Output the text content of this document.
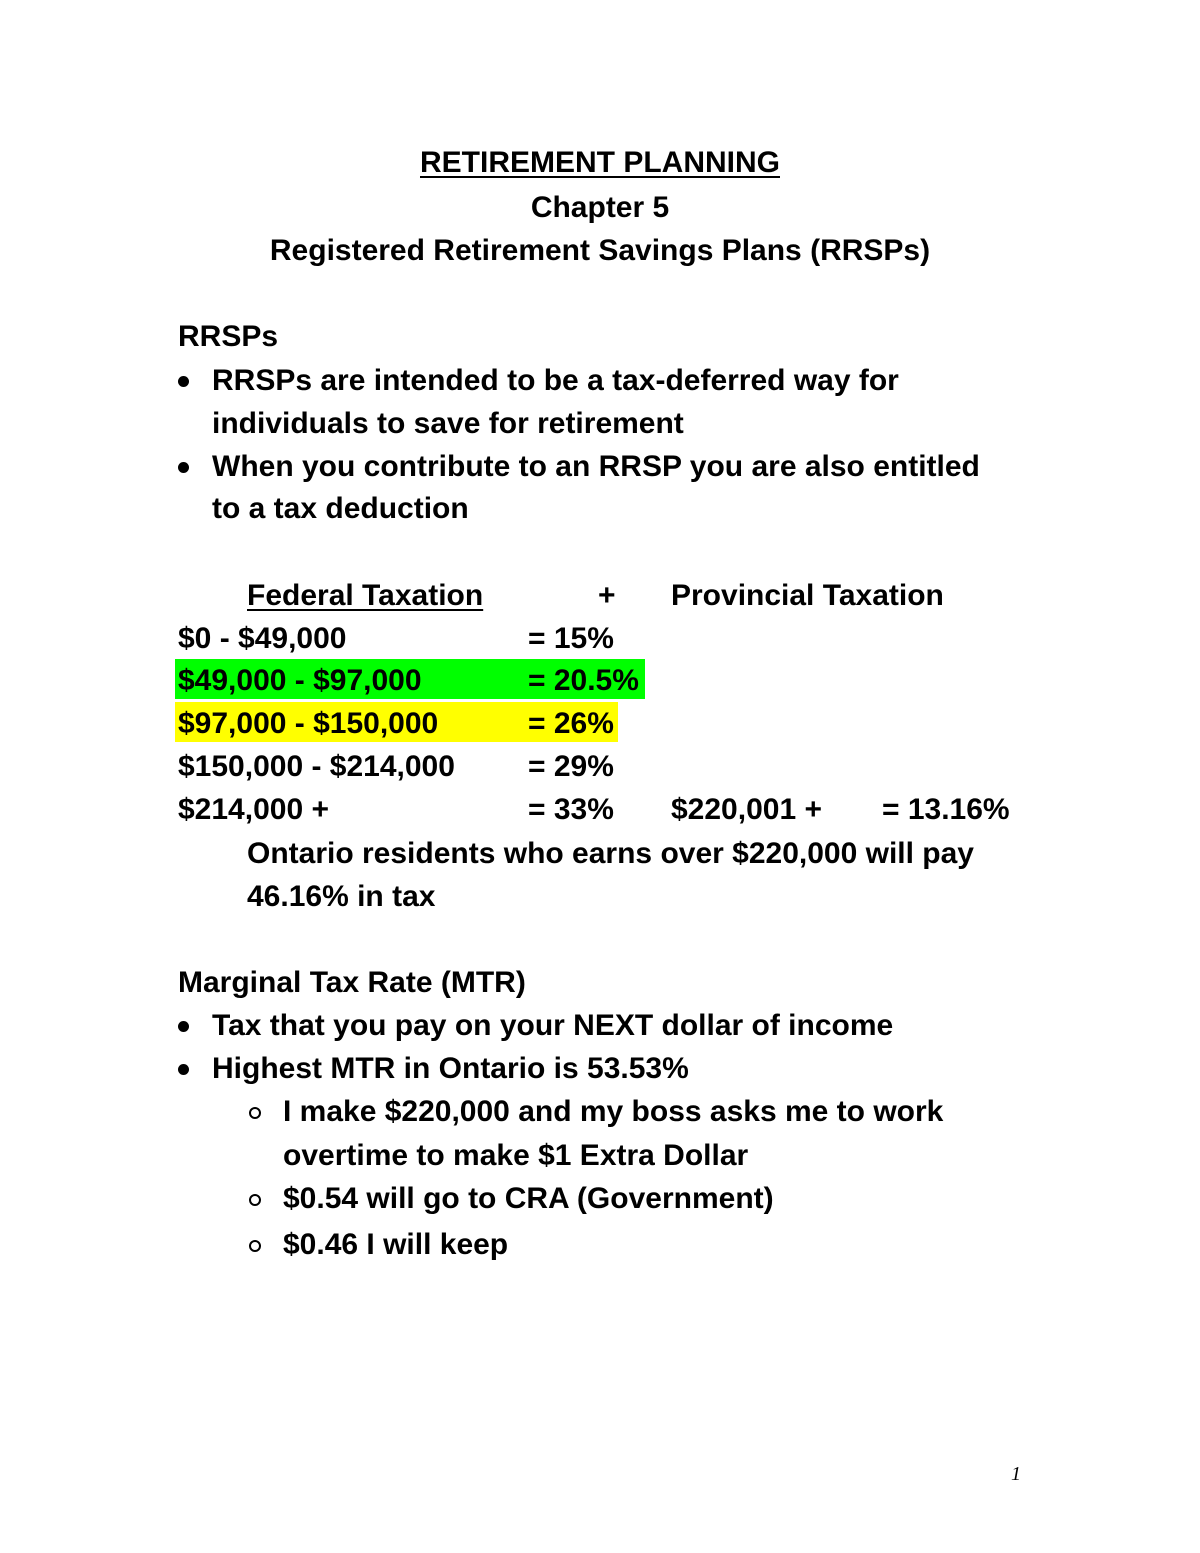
RETIREMENT PLANNING
Chapter 5
Registered Retirement Savings Plans (RRSPs)
RRSPs
RRSPs are intended to be a tax-deferred way for
individuals to save for retirement
When you contribute to an RRSP you are also entitled
to a tax deduction
Federal Taxation	+ Provincial Taxation
$0 - $49,000	= 15%
$49,000 - $97,000	= 20.5%
$97,000 - $150,000	= 26%
$150,000 - $214,000 = 29%
$214,000 +	= 33% $220,001 + = 13.16%
Ontario residents who earns over $220,000 will pay
46.16% in tax
Marginal Tax Rate (MTR)
Tax that you pay on your NEXT dollar of income
Highest MTR in Ontario is 53.53%
I make $220,000 and my boss asks me to work
overtime to make $1 Extra Dollar
$0.54 will go to CRA (Government)
$0.46 I will keep
1
